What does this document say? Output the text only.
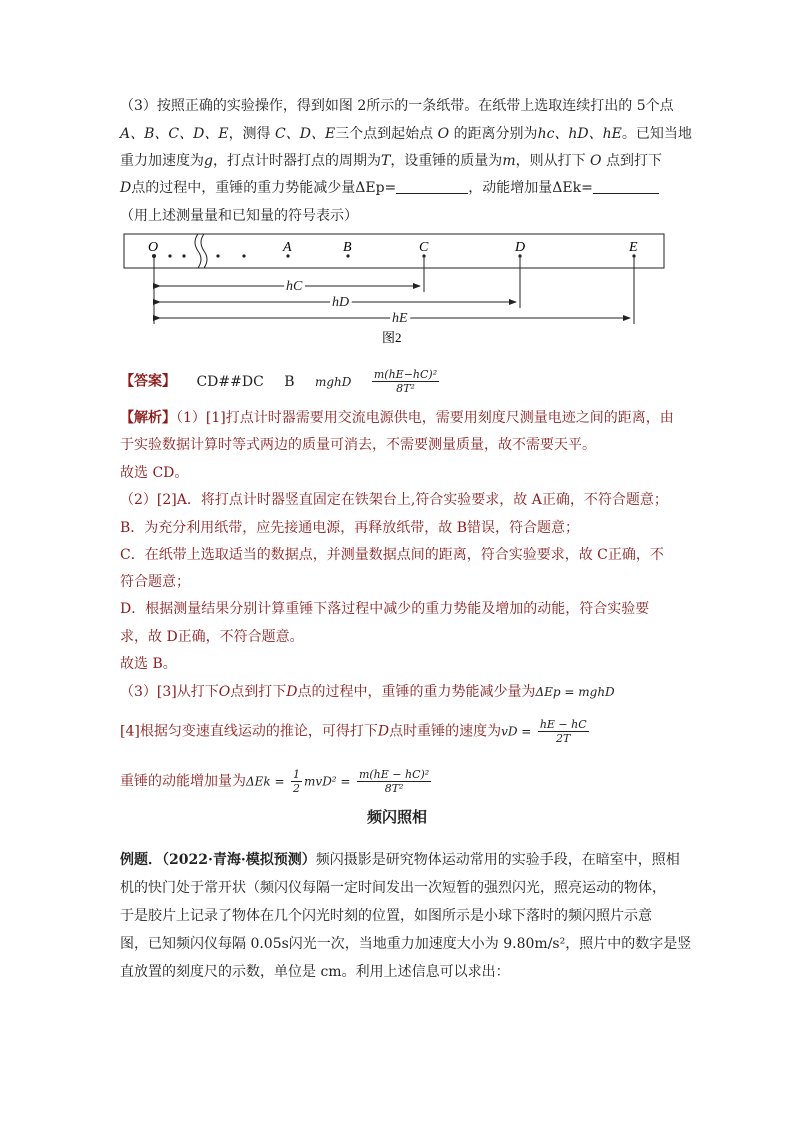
（3）按照正确的实验操作，得到如图 2所示的一条纸带。在纸带上选取连续打出的 5个点
A、B、C、D、E，测得 C、D、E三个点到起始点 O 的距离分别为hc、hD、hE。已知当地
重力加速度为g，打点计时器打点的周期为T，设重锤的质量为m，则从打下 O 点到打下
D点的过程中，重锤的重力势能减少量ΔEp=	，动能增加量ΔEk=
（用上述测量量和已知量的符号表示）
O	A	B	C	D	E
hC
hD
hE
图2
【答案】 CD##DC B mghD $\frac{\text{m(hE−hC)²}}{\text{8T²}}$
【解析】（1）[1]打点计时器需要用交流电源供电，需要用刻度尺测量电迹之间的距离，由
于实验数据计算时等式两边的质量可消去，不需要测量质量，故不需要天平。
故选 CD。
（2）[2]A．将打点计时器竖直固定在铁架台上,符合实验要求，故 A正确，不符合题意；
B．为充分利用纸带，应先接通电源，再释放纸带，故 B错误，符合题意；
C．在纸带上选取适当的数据点，并测量数据点间的距离，符合实验要求，故 C正确，不
符合题意；
D．根据测量结果分别计算重锤下落过程中减少的重力势能及增加的动能，符合实验要
求，故 D正确，不符合题意。
故选 B。
（3）[3]从打下O点到打下D点的过程中，重锤的重力势能减少量为ΔEp = mghD
[4]根据匀变速直线运动的推论，可得打下D点时重锤的速度为vD = $\frac{hE - hC}{2T}$
重锤的动能增加量为$\Delta Ek = \frac{1}{2} mvD^2 = \frac{\text{m(hE − hC)²}}{\text{8T²}}$
频闪照相
例题．（2022·青海·模拟预测）频闪摄影是研究物体运动常用的实验手段，在暗室中，照相
机的快门处于常开状（频闪仪每隔一定时间发出一次短暂的强烈闪光，照亮运动的物体，
于是胶片上记录了物体在几个闪光时刻的位置，如图所示是小球下落时的频闪照片示意
图，已知频闪仪每隔 0.05s闪光一次，当地重力加速度大小为 9.80m/s²，照片中的数字是竖
直放置的刻度尺的示数，单位是 cm。利用上述信息可以求出：
